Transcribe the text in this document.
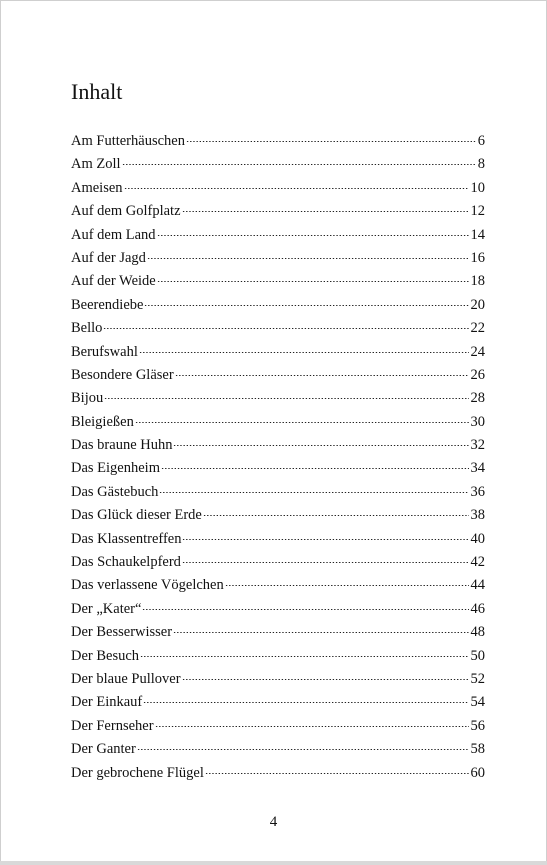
Inhalt
Am Futterhäuschen	6
Am Zoll	8
Ameisen	10
Auf dem Golfplatz	12
Auf dem Land	14
Auf der Jagd	16
Auf der Weide	18
Beerendiebe	20
Bello	22
Berufswahl	24
Besondere Gläser	26
Bijou	28
Bleigießen	30
Das braune Huhn	32
Das Eigenheim	34
Das Gästebuch	36
Das Glück dieser Erde	38
Das Klassentreffen	40
Das Schaukelpferd	42
Das verlassene Vögelchen	44
Der „Kater“	46
Der Besserwisser	48
Der Besuch	50
Der blaue Pullover	52
Der Einkauf	54
Der Fernseher	56
Der Ganter	58
Der gebrochene Flügel	60
4
